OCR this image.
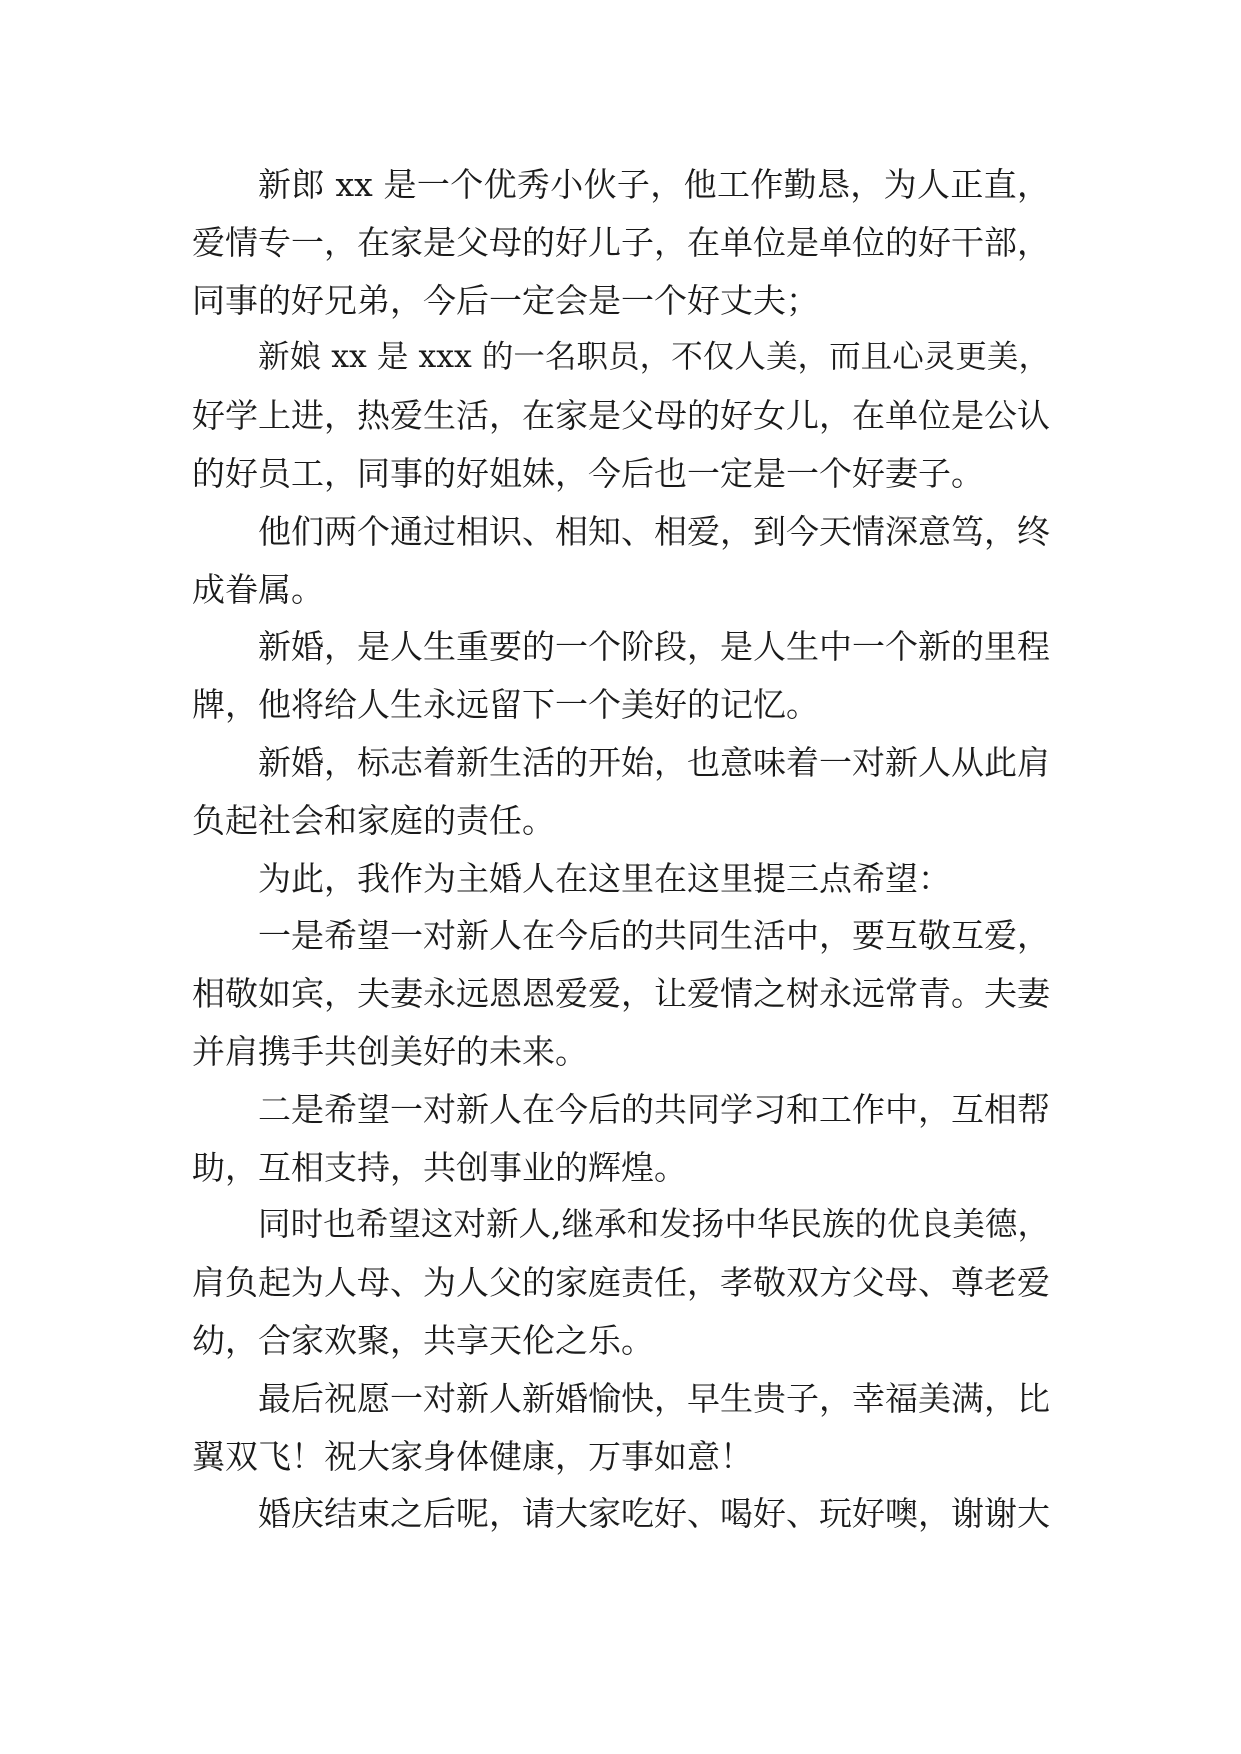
新郎 xx 是一个优秀小伙子，他工作勤恳，为人正直，
爱情专一，在家是父母的好儿子，在单位是单位的好干部，
同事的好兄弟，今后一定会是一个好丈夫；
新娘 xx 是 xxx 的一名职员，不仅人美，而且心灵更美，
好学上进，热爱生活，在家是父母的好女儿，在单位是公认
的好员工，同事的好姐妹，今后也一定是一个好妻子。
他们两个通过相识、相知、相爱，到今天情深意笃，终
成眷属。
新婚，是人生重要的一个阶段，是人生中一个新的里程
牌，他将给人生永远留下一个美好的记忆。
新婚，标志着新生活的开始，也意味着一对新人从此肩
负起社会和家庭的责任。
为此，我作为主婚人在这里在这里提三点希望：
一是希望一对新人在今后的共同生活中，要互敬互爱，
相敬如宾，夫妻永远恩恩爱爱，让爱情之树永远常青。夫妻
并肩携手共创美好的未来。
二是希望一对新人在今后的共同学习和工作中，互相帮
助，互相支持，共创事业的辉煌。
同时也希望这对新人,继承和发扬中华民族的优良美德，
肩负起为人母、为人父的家庭责任，孝敬双方父母、尊老爱
幼，合家欢聚，共享天伦之乐。
最后祝愿一对新人新婚愉快，早生贵子，幸福美满，比
翼双飞！祝大家身体健康，万事如意！
婚庆结束之后呢，请大家吃好、喝好、玩好噢，谢谢大
